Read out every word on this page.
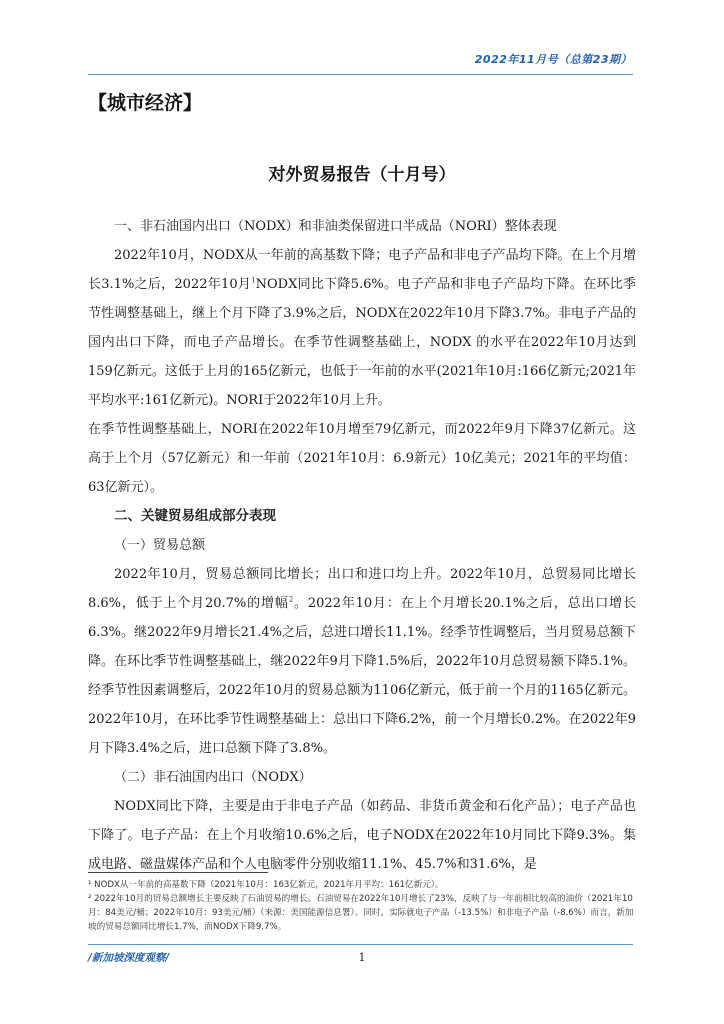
2022年11月号（总第23期）
【城市经济】
对外贸易报告（十月号）

一、非石油国内出口（NODX）和非油类保留进口半成品（NORI）整体表现

2022年10月，NODX从一年前的高基数下降；电子产品和非电子产品均下降。在上个月增长3.1%之后，2022年10月$^1$NODX同比下降5.6%。电子产品和非电子产品均下降。在环比季节性调整基础上，继上个月下降了3.9%之后，NODX在2022年10月下降3.7%。非电子产品的国内出口下降，而电子产品增长。在季节性调整基础上，NODX 的水平在2022年10月达到159亿新元。这低于上月的165亿新元，也低于一年前的水平(2021年10月:166亿新元;2021年平均水平:161亿新元)。NORI于2022年10月上升。

在季节性调整基础上，NORI在2022年10月增至79亿新元，而2022年9月下降37亿新元。这高于上个月（57亿新元）和一年前（2021年10月：6.9新元）10亿美元；2021年的平均值：63亿新元）。

二、关键贸易组成部分表现

（一）贸易总额

2022年10月，贸易总额同比增长；出口和进口均上升。2022年10月，总贸易同比增长8.6%，低于上个月20.7%的增幅$^2$。2022年10月：在上个月增长20.1%之后，总出口增长6.3%。继2022年9月增长21.4%之后，总进口增长11.1%。经季节性调整后，当月贸易总额下降。在环比季节性调整基础上，继2022年9月下降1.5%后，2022年10月总贸易额下降5.1%。经季节性因素调整后，2022年10月的贸易总额为1106亿新元，低于前一个月的1165亿新元。2022年10月，在环比季节性调整基础上：总出口下降6.2%，前一个月增长0.2%。在2022年9月下降3.4%之后，进口总额下降了3.8%。

（二）非石油国内出口（NODX）

NODX同比下降，主要是由于非电子产品（如药品、非货币黄金和石化产品）；电子产品也下降了。电子产品：在上个月收缩10.6%之后，电子NODX在2022年10月同比下降9.3%。集成电路、磁盘媒体产品和个人电脑零件分别收缩11.1%、45.7%和31.6%，是

¹ NODX从一年前的高基数下降（2021年10月：163亿新元，2021年月平均：161亿新元）。

² 2022年10月的贸易总额增长主要反映了石油贸易的增长。石油贸易在2022年10月增长了23%，反映了与一年前相比较高的油价（2021年10月：84美元/桶；2022年10月：93美元/桶）（来源：美国能源信息署）。同时，实际就电子产品（-13.5%）和非电子产品（-8.6%）而言，新加坡的贸易总额同比增长1.7%，而NODX下降9.7%。

/新加坡深度观察/	1
